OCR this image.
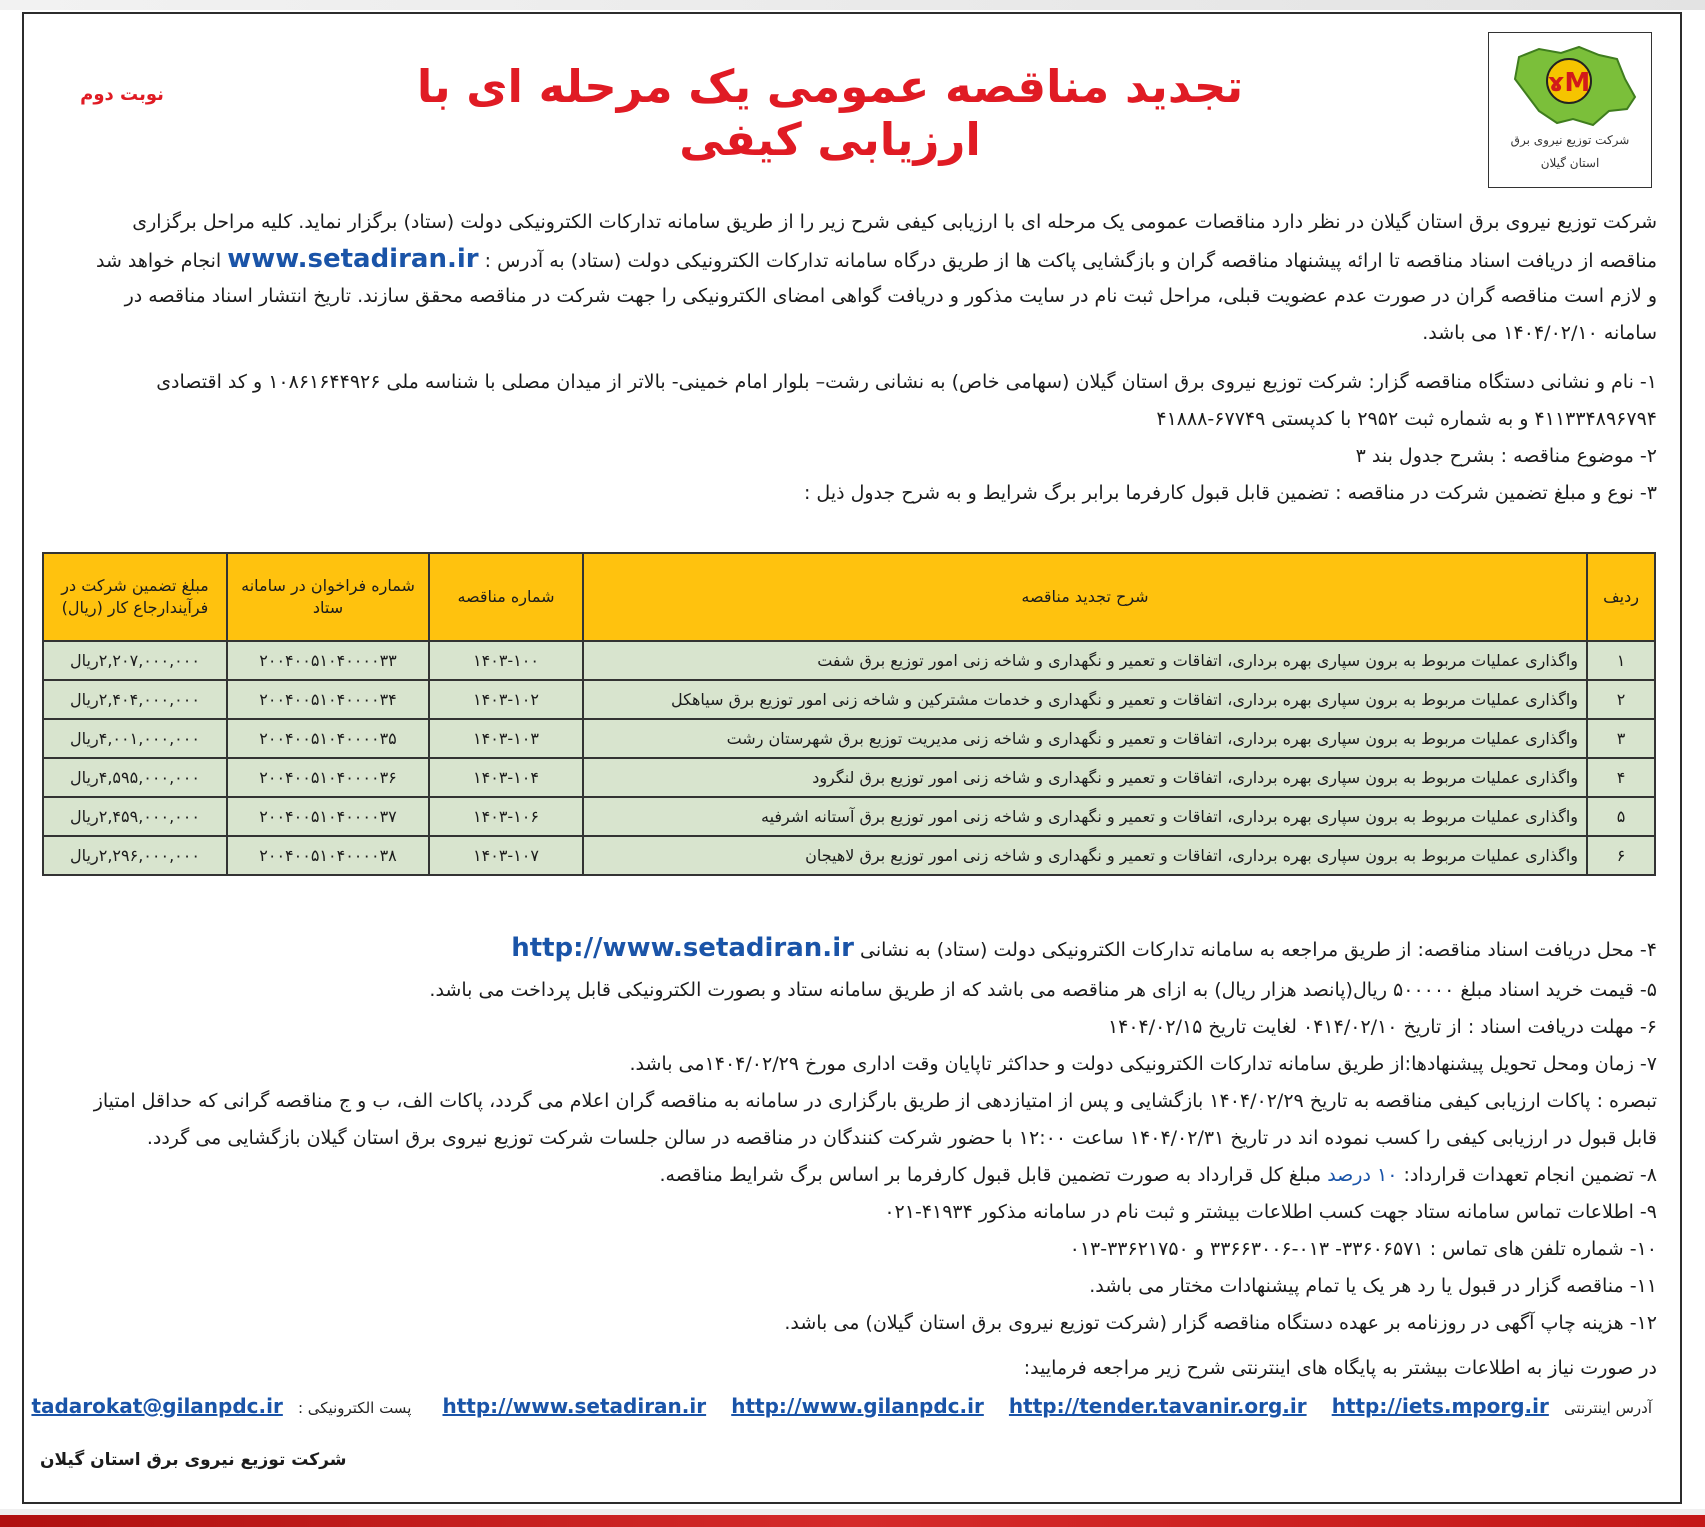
ɤM
شرکت توزیع نیروی برق
استان گیلان
تجدید مناقصه عمومی یک مرحله ای با ارزیابی کیفی
نوبت دوم
شرکت توزیع نیروی برق استان گیلان در نظر دارد مناقصات عمومی یک مرحله ای با ارزیابی کیفی شرح زیر را از طریق سامانه تدارکات الکترونیکی دولت (ستاد) برگزار نماید. کلیه مراحل برگزاری
مناقصه از دریافت اسناد مناقصه تا ارائه پیشنهاد مناقصه گران و بازگشایی پاکت ها از طریق درگاه سامانه تدارکات الکترونیکی دولت (ستاد) به آدرس : www.setadiran.ir انجام خواهد شد
و لازم است مناقصه گران در صورت عدم عضویت قبلی، مراحل ثبت نام در سایت مذکور و دریافت گواهی امضای الکترونیکی را جهت شرکت در مناقصه محقق سازند. تاریخ انتشار اسناد مناقصه در
سامانه ۱۴۰۴/۰۲/۱۰ می باشد.
۱- نام و نشانی دستگاه مناقصه گزار: شرکت توزیع نیروی برق استان گیلان (سهامی خاص) به نشانی رشت– بلوار امام خمینی- بالاتر از میدان مصلی با شناسه ملی ۱۰۸۶۱۶۴۴۹۲۶ و کد اقتصادی
۴۱۱۳۳۴۸۹۶۷۹۴ و به شماره ثبت ۲۹۵۲ با کدپستی ۶۷۷۴۹-۴۱۸۸۸
۲- موضوع مناقصه : بشرح جدول بند ۳
۳- نوع و مبلغ تضمین شرکت در مناقصه : تضمین قابل قبول کارفرما برابر برگ شرایط و به شرح جدول ذیل :
ردیف	شرح تجدید مناقصه	شماره مناقصه	شماره فراخوان در سامانه ستاد	مبلغ تضمین شرکت در فرآیندارجاع کار (ریال)
۱	واگذاری عملیات مربوط به برون سپاری بهره برداری، اتفاقات و تعمیر و نگهداری و شاخه زنی امور توزیع برق شفت	۱۴۰۳-۱۰۰	۲۰۰۴۰۰۵۱۰۴۰۰۰۰۳۳	۲,۲۰۷,۰۰۰,۰۰۰ریال
۲	واگذاری عملیات مربوط به برون سپاری بهره برداری، اتفاقات و تعمیر و نگهداری و خدمات مشترکین و شاخه زنی امور توزیع برق سیاهکل	۱۴۰۳-۱۰۲	۲۰۰۴۰۰۵۱۰۴۰۰۰۰۳۴	۲,۴۰۴,۰۰۰,۰۰۰ریال
۳	واگذاری عملیات مربوط به برون سپاری بهره برداری، اتفاقات و تعمیر و نگهداری و شاخه زنی مدیریت توزیع برق شهرستان رشت	۱۴۰۳-۱۰۳	۲۰۰۴۰۰۵۱۰۴۰۰۰۰۳۵	۴,۰۰۱,۰۰۰,۰۰۰ریال
۴	واگذاری عملیات مربوط به برون سپاری بهره برداری، اتفاقات و تعمیر و نگهداری و شاخه زنی امور توزیع برق لنگرود	۱۴۰۳-۱۰۴	۲۰۰۴۰۰۵۱۰۴۰۰۰۰۳۶	۴,۵۹۵,۰۰۰,۰۰۰ریال
۵	واگذاری عملیات مربوط به برون سپاری بهره برداری، اتفاقات و تعمیر و نگهداری و شاخه زنی امور توزیع برق آستانه اشرفیه	۱۴۰۳-۱۰۶	۲۰۰۴۰۰۵۱۰۴۰۰۰۰۳۷	۲,۴۵۹,۰۰۰,۰۰۰ریال
۶	واگذاری عملیات مربوط به برون سپاری بهره برداری، اتفاقات و تعمیر و نگهداری و شاخه زنی امور توزیع برق لاهیجان	۱۴۰۳-۱۰۷	۲۰۰۴۰۰۵۱۰۴۰۰۰۰۳۸	۲,۲۹۶,۰۰۰,۰۰۰ریال
۴- محل دریافت اسناد مناقصه: از طریق مراجعه به سامانه تدارکات الکترونیکی دولت (ستاد) به نشانی http://www.setadiran.ir
۵- قیمت خرید اسناد مبلغ ۵۰۰۰۰۰ ریال(پانصد هزار ریال) به ازای هر مناقصه می باشد که از طریق سامانه ستاد و بصورت الکترونیکی قابل پرداخت می باشد.
۶- مهلت دریافت اسناد : از تاریخ ۰۴۱۴/۰۲/۱۰ لغایت تاریخ ۱۴۰۴/۰۲/۱۵
۷- زمان ومحل تحویل پیشنهادها:از طریق سامانه تدارکات الکترونیکی دولت و حداکثر تاپایان وقت اداری مورخ ۱۴۰۴/۰۲/۲۹می باشد.
تبصره : پاکات ارزیابی کیفی مناقصه به تاریخ ۱۴۰۴/۰۲/۲۹ بازگشایی و پس از امتیازدهی از طریق بارگزاری در سامانه به مناقصه گران اعلام می گردد، پاکات الف، ب و ج مناقصه گرانی که حداقل امتیاز
قابل قبول در ارزیابی کیفی را کسب نموده اند در تاریخ ۱۴۰۴/۰۲/۳۱ ساعت ۱۲:۰۰ با حضور شرکت کنندگان در مناقصه در سالن جلسات شرکت توزیع نیروی برق استان گیلان بازگشایی می گردد.
۸- تضمین انجام تعهدات قرارداد: ۱۰ درصد مبلغ کل قرارداد به صورت تضمین قابل قبول کارفرما بر اساس برگ شرایط مناقصه.
۹- اطلاعات تماس سامانه ستاد جهت کسب اطلاعات بیشتر و ثبت نام در سامانه مذکور ۴۱۹۳۴-۰۲۱
۱۰- شماره تلفن های تماس : ۳۳۶۰۶۵۷۱- ۰۱۳-۳۳۶۶۳۰۰۶ و ۳۳۶۲۱۷۵۰-۰۱۳
۱۱- مناقصه گزار در قبول یا رد هر یک یا تمام پیشنهادات مختار می باشد.
۱۲- هزینه چاپ آگهی در روزنامه بر عهده دستگاه مناقصه گزار (شرکت توزیع نیروی برق استان گیلان) می باشد.
در صورت نیاز به اطلاعات بیشتر به پایگاه های اینترنتی شرح زیر مراجعه فرمایید:
آدرس اینترنتی http://www.setadiran.ir http://www.gilanpdc.ir http://tender.tavanir.org.ir http://iets.mporg.ir پست الکترونیکی : tadarokat@gilanpdc.ir
شرکت توزیع نیروی برق استان گیلان
